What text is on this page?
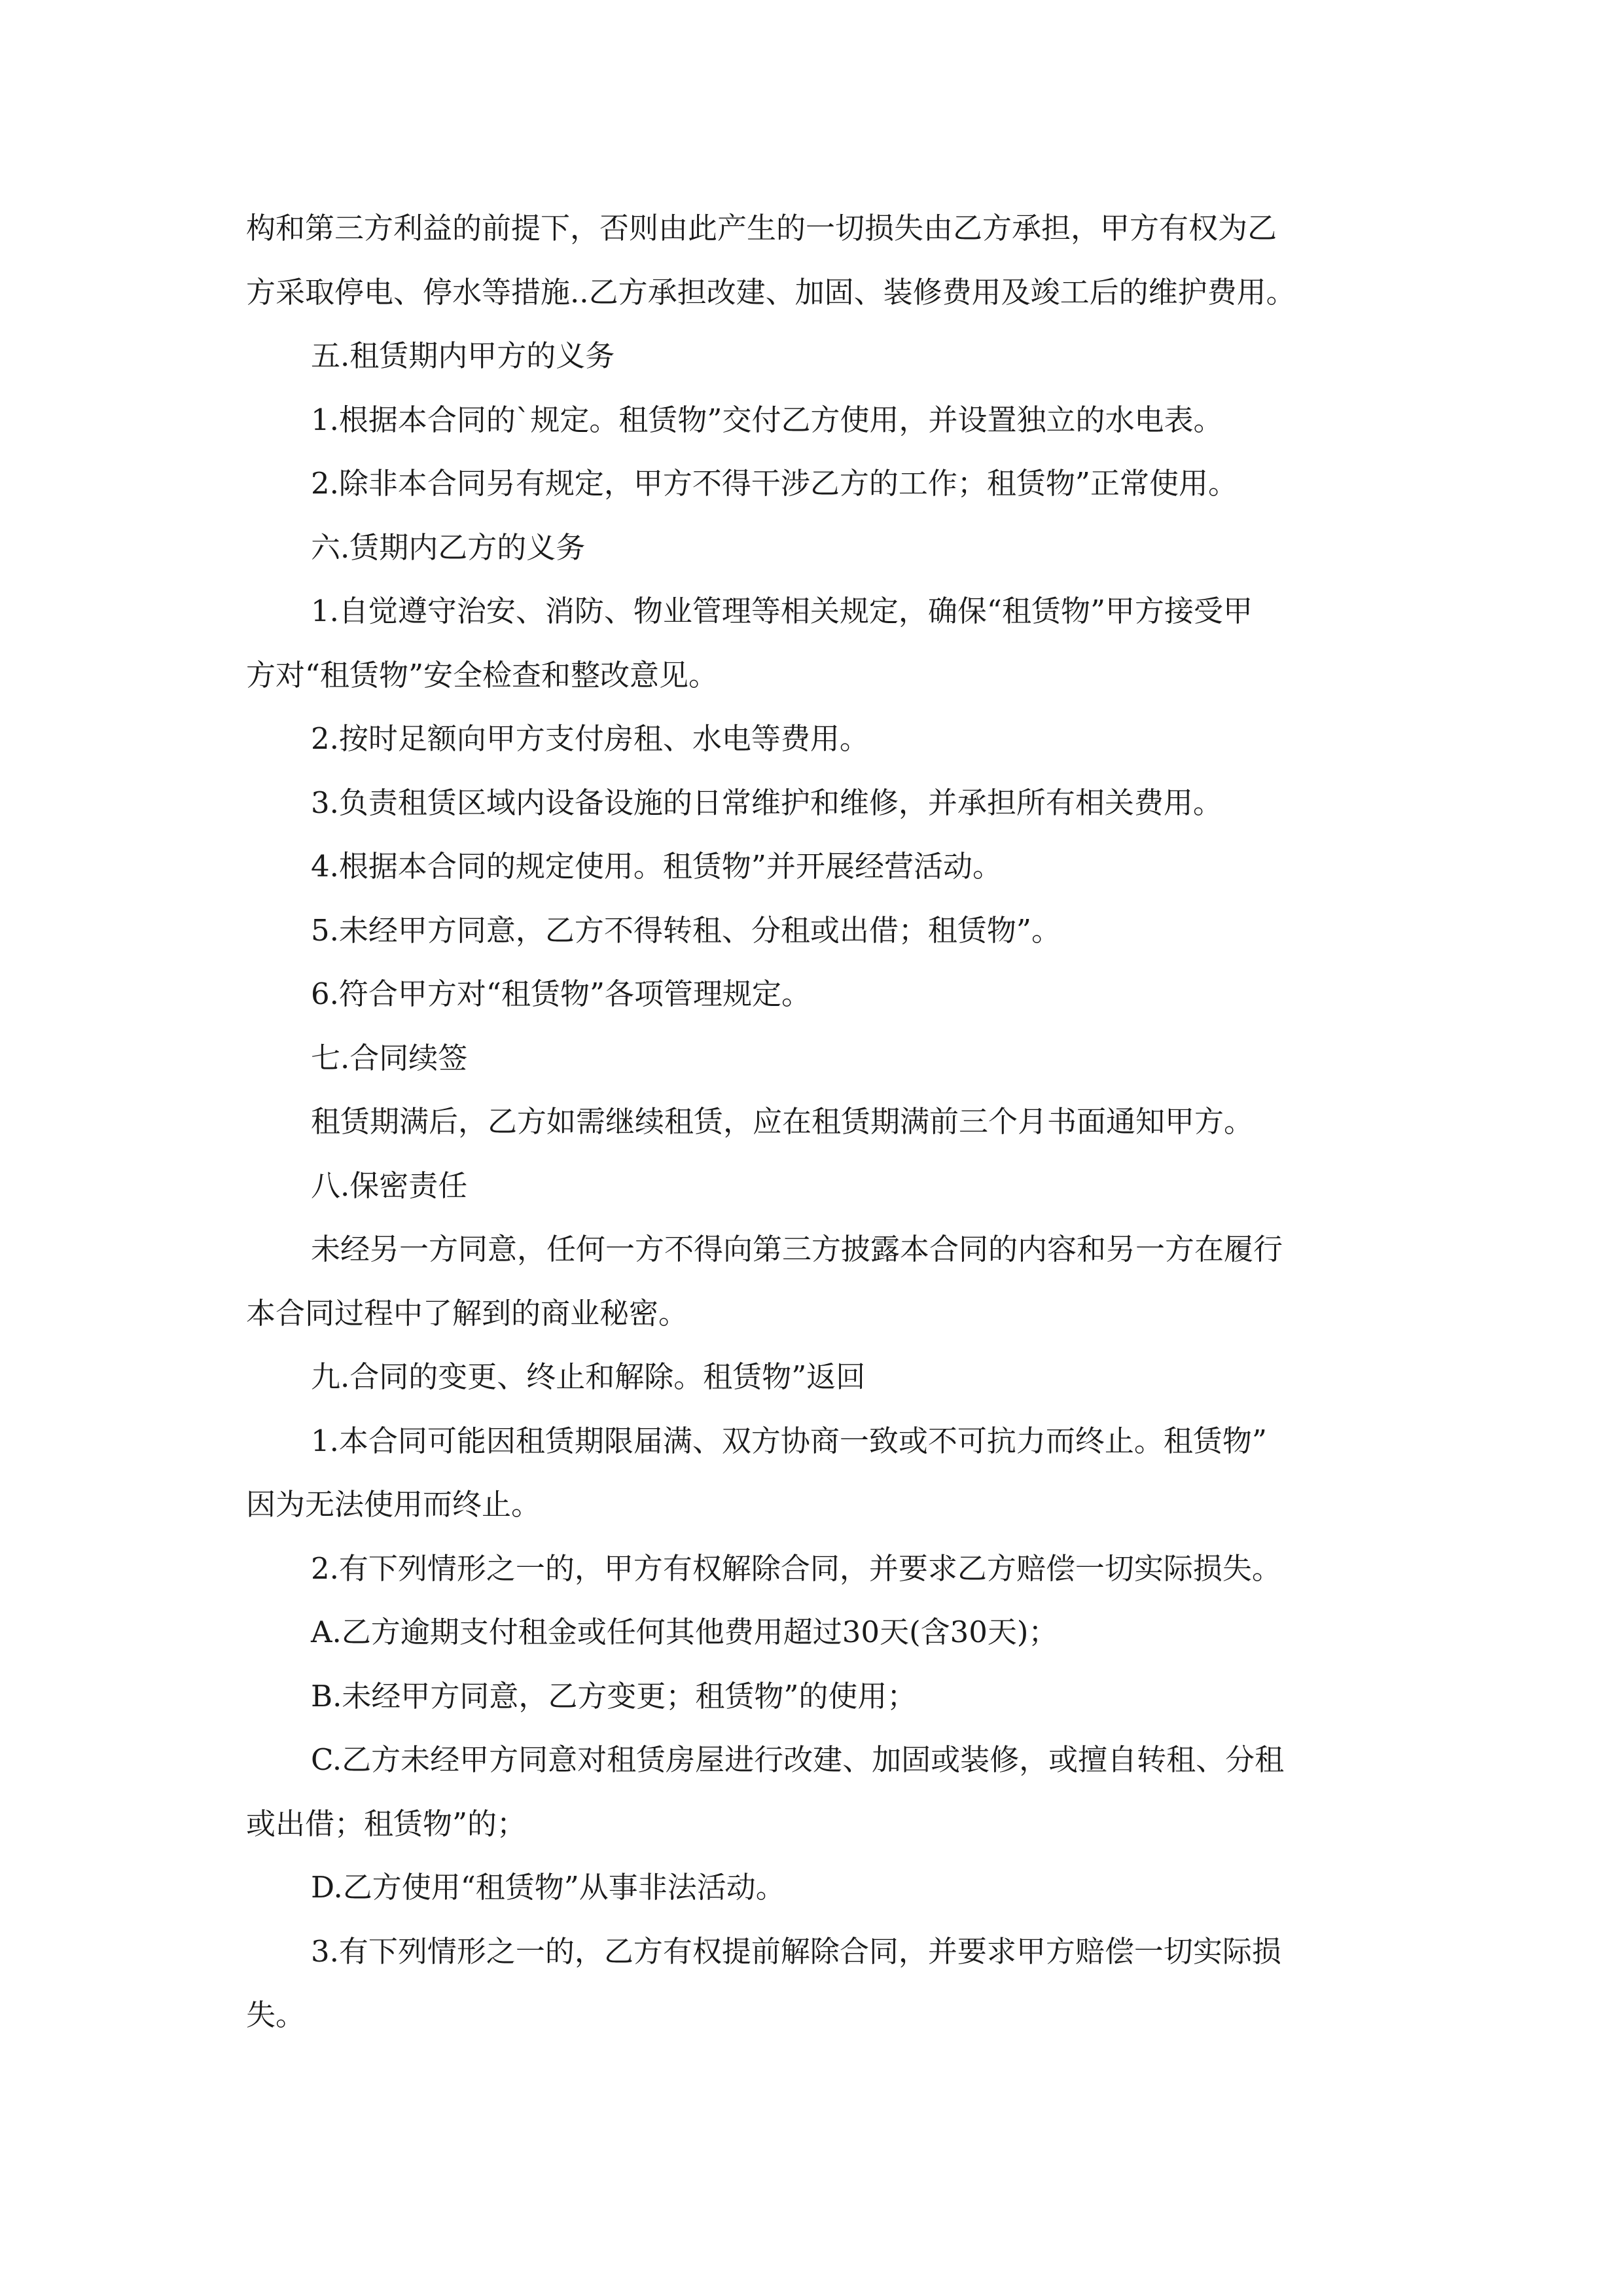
构和第三方利益的前提下，否则由此产生的一切损失由乙方承担，甲方有权为乙
方采取停电、停水等措施..乙方承担改建、加固、装修费用及竣工后的维护费用。
五.租赁期内甲方的义务
1.根据本合同的`规定。租赁物”交付乙方使用，并设置独立的水电表。
2.除非本合同另有规定，甲方不得干涉乙方的工作；租赁物”正常使用。
六.赁期内乙方的义务
1.自觉遵守治安、消防、物业管理等相关规定，确保“租赁物”甲方接受甲
方对“租赁物”安全检查和整改意见。
2.按时足额向甲方支付房租、水电等费用。
3.负责租赁区域内设备设施的日常维护和维修，并承担所有相关费用。
4.根据本合同的规定使用。租赁物”并开展经营活动。
5.未经甲方同意，乙方不得转租、分租或出借；租赁物”。
6.符合甲方对“租赁物”各项管理规定。
七.合同续签
租赁期满后，乙方如需继续租赁，应在租赁期满前三个月书面通知甲方。
八.保密责任
未经另一方同意，任何一方不得向第三方披露本合同的内容和另一方在履行
本合同过程中了解到的商业秘密。
九.合同的变更、终止和解除。租赁物”返回
1.本合同可能因租赁期限届满、双方协商一致或不可抗力而终止。租赁物”
因为无法使用而终止。
2.有下列情形之一的，甲方有权解除合同，并要求乙方赔偿一切实际损失。
A.乙方逾期支付租金或任何其他费用超过30天(含30天)；
B.未经甲方同意，乙方变更；租赁物”的使用；
C.乙方未经甲方同意对租赁房屋进行改建、加固或装修，或擅自转租、分租
或出借；租赁物”的；
D.乙方使用“租赁物”从事非法活动。
3.有下列情形之一的，乙方有权提前解除合同，并要求甲方赔偿一切实际损
失。
